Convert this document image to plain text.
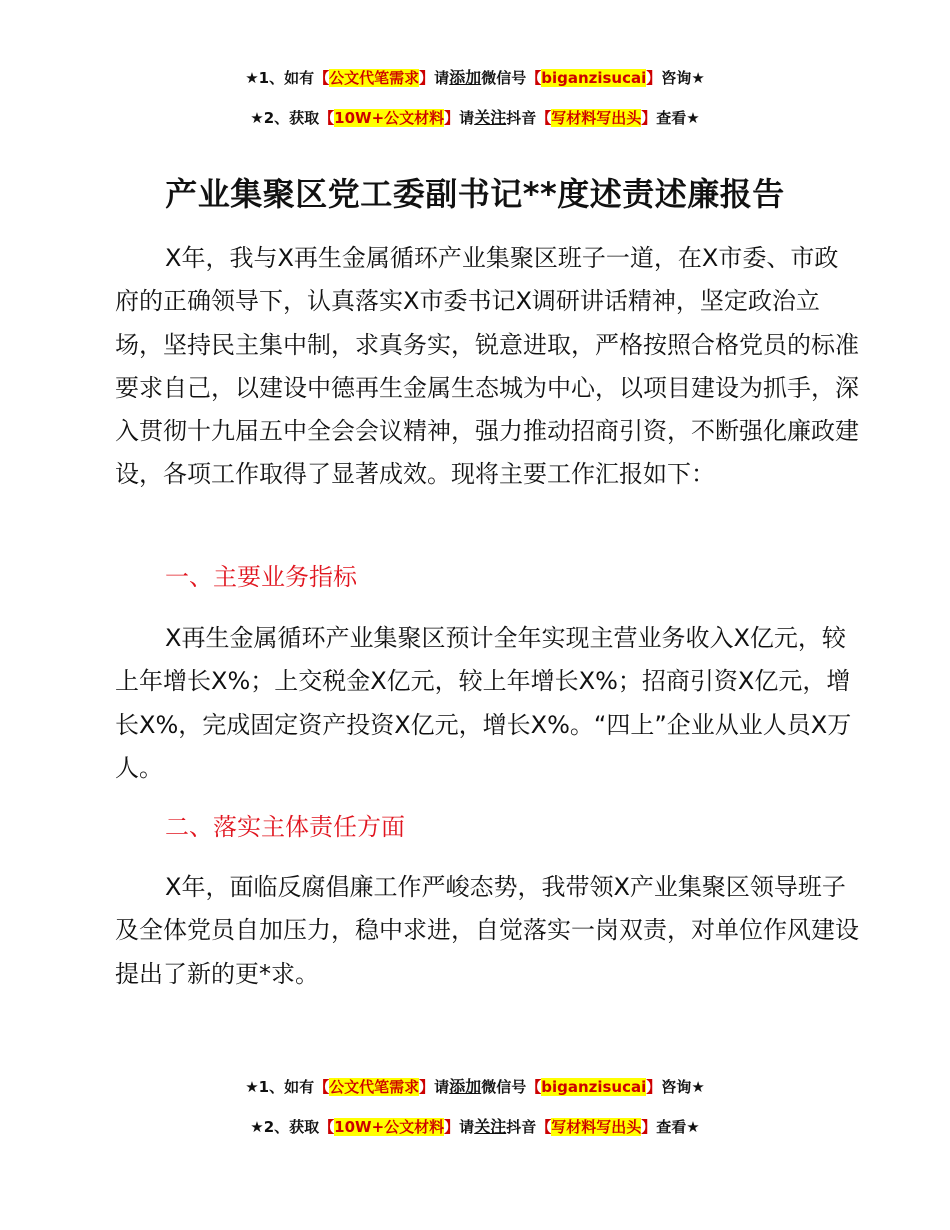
★1、如有【公文代笔需求】请添加微信号【biganzisucai】咨询★
★2、获取【10W+公文材料】请关注抖音【写材料写出头】查看★
产业集聚区党工委副书记**度述责述廉报告

X年，我与X再生金属循环产业集聚区班子一道，在X市委、市政府的正确领导下，认真落实X市委书记X调研讲话精神，坚定政治立场，坚持民主集中制，求真务实，锐意进取，严格按照合格党员的标准要求自己，以建设中德再生金属生态城为中心，以项目建设为抓手，深入贯彻十九届五中全会会议精神，强力推动招商引资，不断强化廉政建设，各项工作取得了显著成效。现将主要工作汇报如下：

一、主要业务指标

X再生金属循环产业集聚区预计全年实现主营业务收入X亿元，较上年增长X%；上交税金X亿元，较上年增长X%；招商引资X亿元，增长X%，完成固定资产投资X亿元，增长X%。“四上”企业从业人员X万人。

二、落实主体责任方面

X年，面临反腐倡廉工作严峻态势，我带领X产业集聚区领导班子及全体党员自加压力，稳中求进，自觉落实一岗双责，对单位作风建设提出了新的更*求。

★1、如有【公文代笔需求】请添加微信号【biganzisucai】咨询★
★2、获取【10W+公文材料】请关注抖音【写材料写出头】查看★
